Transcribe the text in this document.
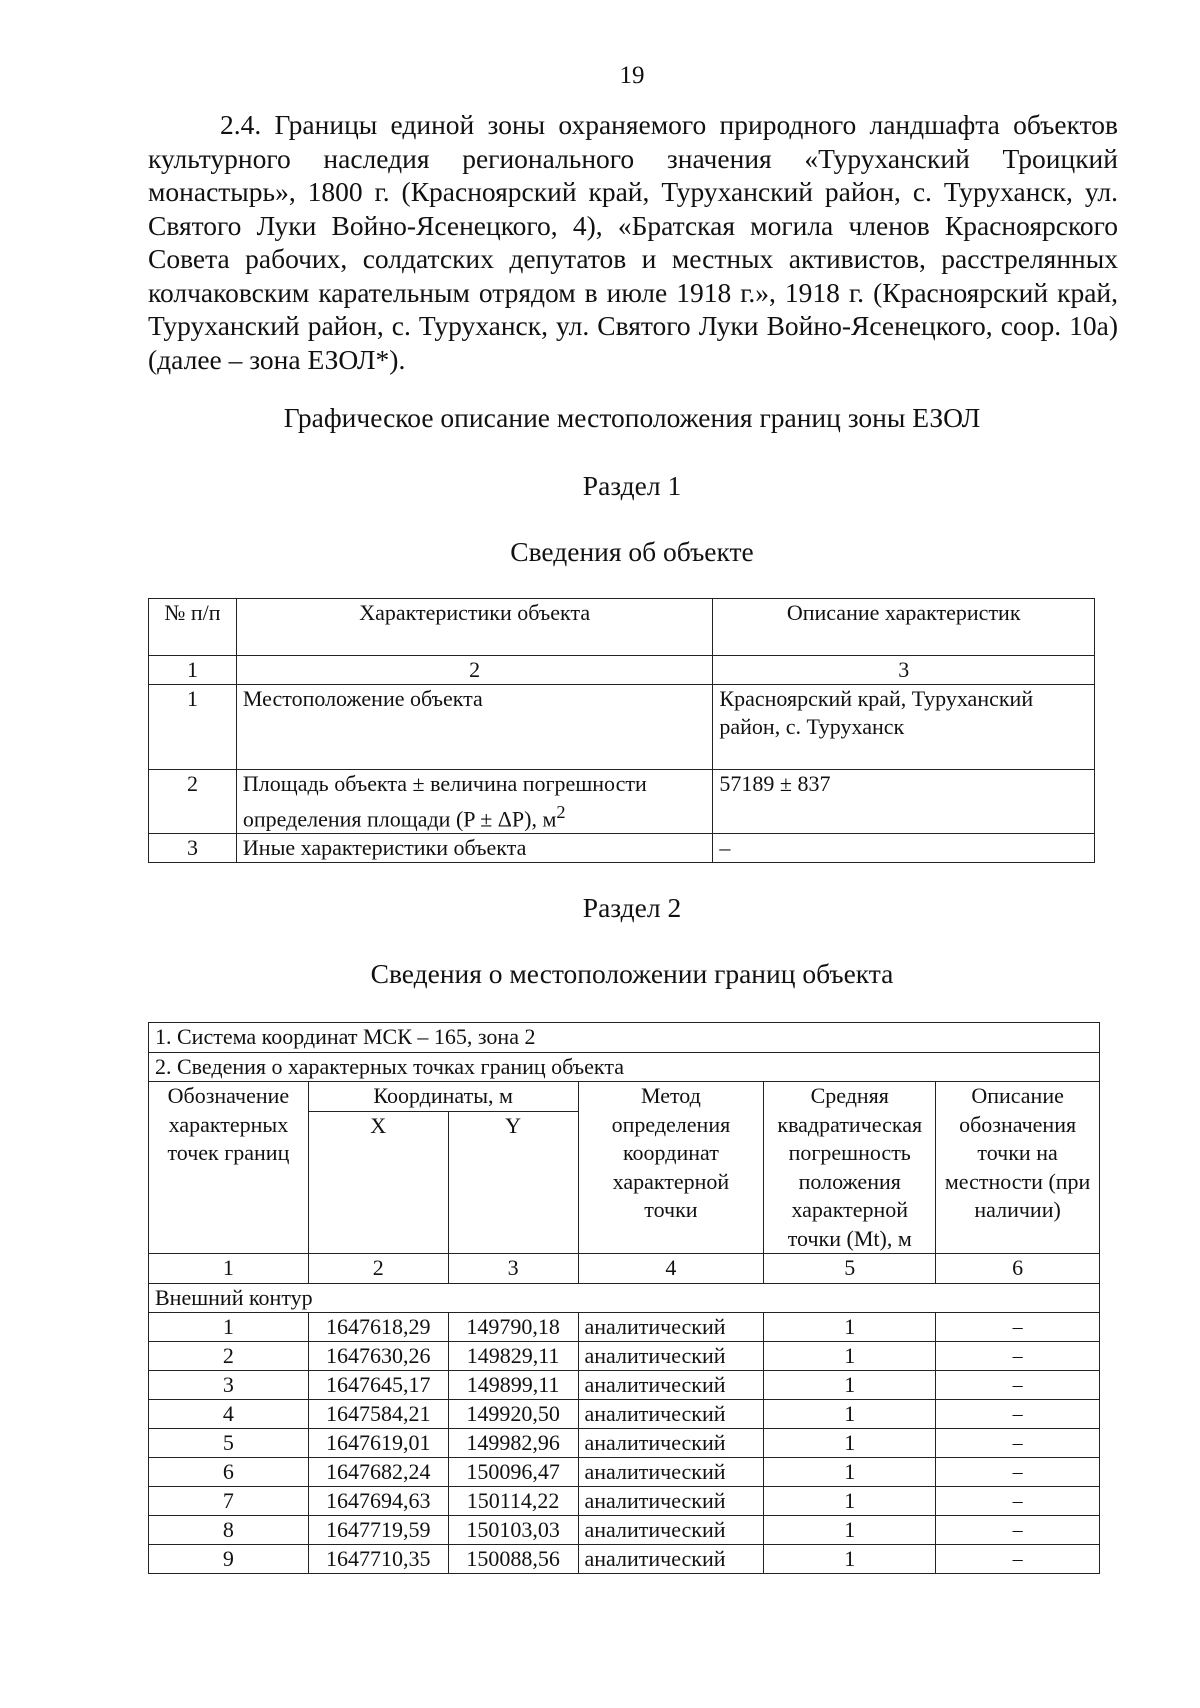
19

2.4. Границы единой зоны охраняемого природного ландшафта объектов культурного наследия регионального значения «Туруханский Троицкий монастырь», 1800 г. (Красноярский край, Туруханский район, с. Туруханск, ул. Святого Луки Войно-Ясенецкого, 4), «Братская могила членов Красноярского Совета рабочих, солдатских депутатов и местных активистов, расстрелянных колчаковским карательным отрядом в июле 1918 г.», 1918 г. (Красноярский край, Туруханский район, с. Туруханск, ул. Святого Луки Войно-Ясенецкого, соор. 10а) (далее – зона ЕЗОЛ*).

Графическое описание местоположения границ зоны ЕЗОЛ
Раздел 1
Сведения об объекте
№ п/п	Характеристики объекта	Описание характеристик
1	2	3
1	Местоположение объекта	Красноярский край, Туруханский район, с. Туруханск
2	Площадь объекта ± величина погрешности определения площади (P ± ΔP), $м^2$	57189 ± 837
3	Иные характеристики объекта	–
Раздел 2
Сведения о местоположении границ объекта
1. Система координат МСК – 165, зона 2					
2. Сведения о характерных точках границ объекта					
Обозначение характерных точек границ	Координаты, м		Метод определения координат характерной точки	Средняя квадратическая погрешность положения характерной точки (Mt), м	Описание обозначения точки на местности (при наличии)
	X	Y			
1	2	3	4	5	6
Внешний контур					
1	1647618,29	149790,18	аналитический	1	–
2	1647630,26	149829,11	аналитический	1	–
3	1647645,17	149899,11	аналитический	1	–
4	1647584,21	149920,50	аналитический	1	–
5	1647619,01	149982,96	аналитический	1	–
6	1647682,24	150096,47	аналитический	1	–
7	1647694,63	150114,22	аналитический	1	–
8	1647719,59	150103,03	аналитический	1	–
9	1647710,35	150088,56	аналитический	1	–
